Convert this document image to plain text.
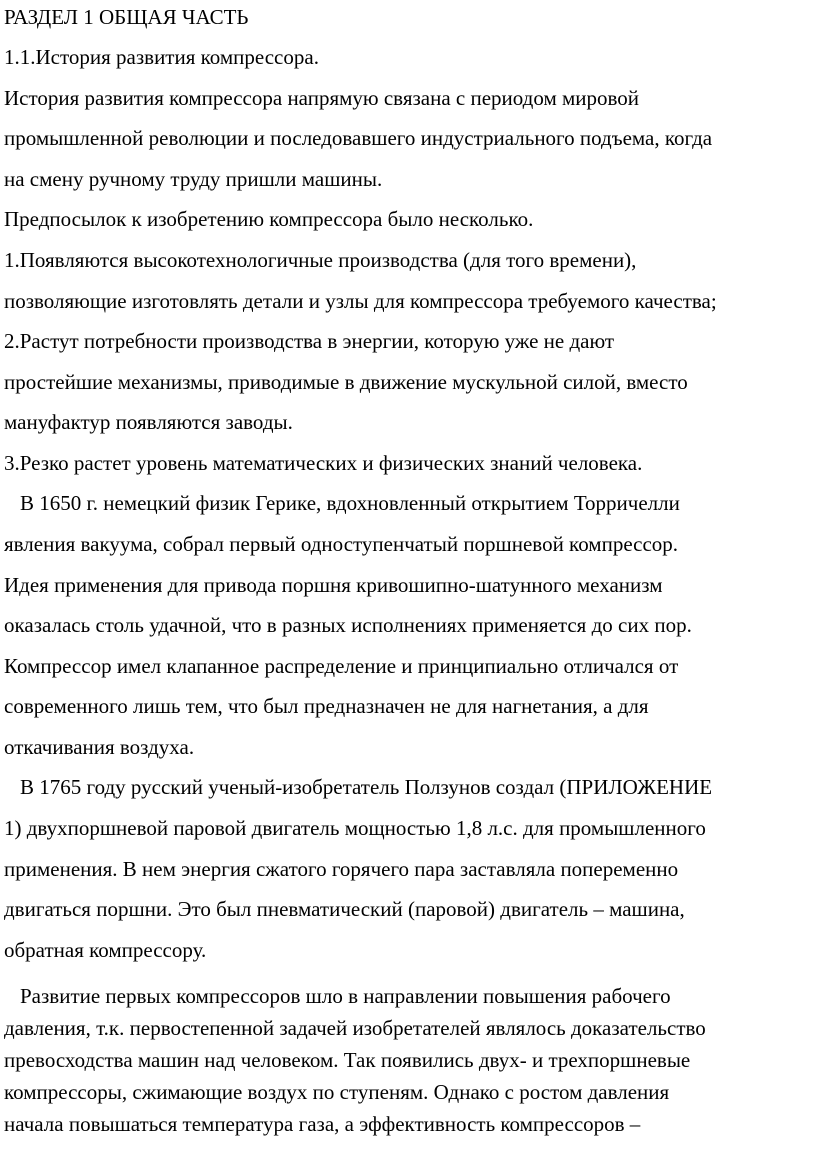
РАЗДЕЛ 1 ОБЩАЯ ЧАСТЬ
1.1.История развития компрессора.
История развития компрессора напрямую связана с периодом мировой
промышленной революции и последовавшего индустриального подъема, когда
на смену ручному труду пришли машины.
Предпосылок к изобретению компрессора было несколько.
1.Появляются высокотехнологичные производства (для того времени),
позволяющие изготовлять детали и узлы для компрессора требуемого качества;
2.Растут потребности производства в энергии, которую уже не дают
простейшие механизмы, приводимые в движение мускульной силой, вместо
мануфактур появляются заводы.
3.Резко растет уровень математических и физических знаний человека.
В 1650 г. немецкий физик Герике, вдохновленный открытием Торричелли
явления вакуума, собрал первый одноступенчатый поршневой компрессор.
Идея применения для привода поршня кривошипно-шатунного механизм
оказалась столь удачной, что в разных исполнениях применяется до сих пор.
Компрессор имел клапанное распределение и принципиально отличался от
современного лишь тем, что был предназначен не для нагнетания, а для
откачивания воздуха.
В 1765 году русский ученый-изобретатель Ползунов создал (ПРИЛОЖЕНИЕ
1) двухпоршневой паровой двигатель мощностью 1,8 л.с. для промышленного
применения. В нем энергия сжатого горячего пара заставляла попеременно
двигаться поршни. Это был пневматический (паровой) двигатель – машина,
обратная компрессору.
Развитие первых компрессоров шло в направлении повышения рабочего
давления, т.к. первостепенной задачей изобретателей являлось доказательство
превосходства машин над человеком. Так появились двух- и трехпоршневые
компрессоры, сжимающие воздух по ступеням. Однако с ростом давления
начала повышаться температура газа, а эффективность компрессоров –
